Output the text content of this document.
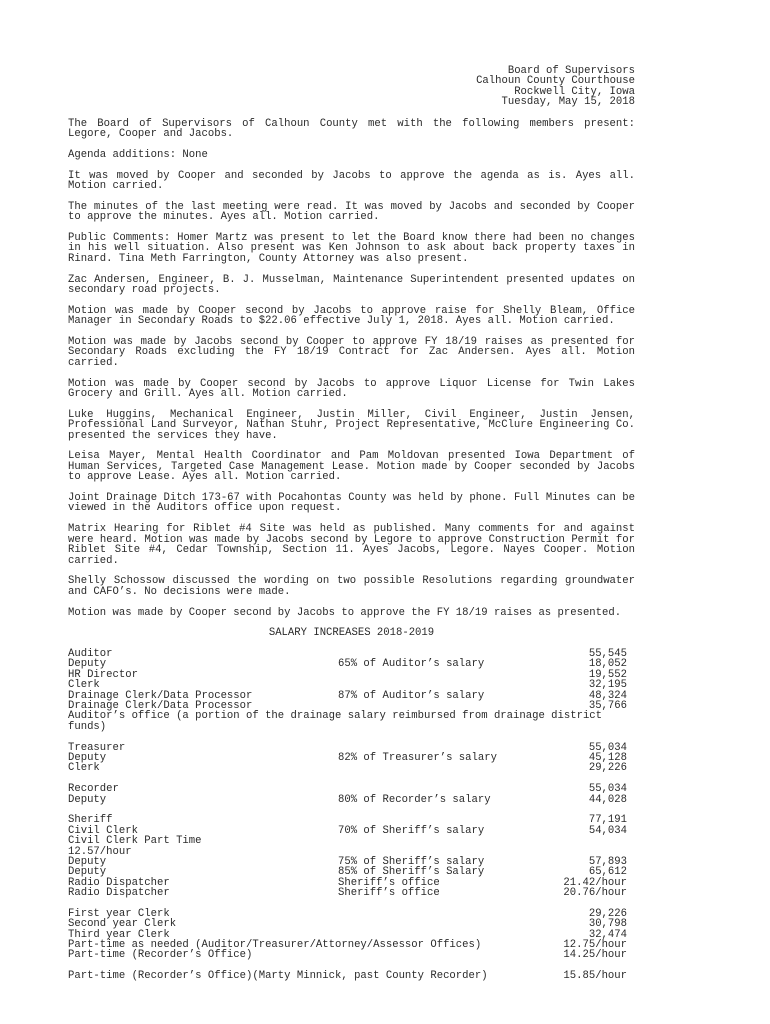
Board of Supervisors
Calhoun County Courthouse
Rockwell City, Iowa
Tuesday, May 15, 2018

The Board of Supervisors of Calhoun County met with the following members present: Legore, Cooper and Jacobs.

Agenda additions: None

It was moved by Cooper and seconded by Jacobs to approve the agenda as is. Ayes all. Motion carried.

The minutes of the last meeting were read. It was moved by Jacobs and seconded by Cooper to approve the minutes. Ayes all. Motion carried.

Public Comments: Homer Martz was present to let the Board know there had been no changes in his well situation. Also present was Ken Johnson to ask about back property taxes in Rinard. Tina Meth Farrington, County Attorney was also present.

Zac Andersen, Engineer, B. J. Musselman, Maintenance Superintendent presented updates on secondary road projects.

Motion was made by Cooper second by Jacobs to approve raise for Shelly Bleam, Office Manager in Secondary Roads to $22.06 effective July 1, 2018. Ayes all. Motion carried.

Motion was made by Jacobs second by Cooper to approve FY 18/19 raises as presented for Secondary Roads excluding the FY 18/19 Contract for Zac Andersen. Ayes all. Motion carried.

Motion was made by Cooper second by Jacobs to approve Liquor License for Twin Lakes Grocery and Grill. Ayes all. Motion carried.

Luke Huggins, Mechanical Engineer, Justin Miller, Civil Engineer, Justin Jensen, Professional Land Surveyor, Nathan Stuhr, Project Representative, McClure Engineering Co. presented the services they have.

Leisa Mayer, Mental Health Coordinator and Pam Moldovan presented Iowa Department of Human Services, Targeted Case Management Lease. Motion made by Cooper seconded by Jacobs to approve Lease. Ayes all. Motion carried.

Joint Drainage Ditch 173-67 with Pocahontas County was held by phone. Full Minutes can be viewed in the Auditors office upon request.

Matrix Hearing for Riblet #4 Site was held as published. Many comments for and against were heard. Motion was made by Jacobs second by Legore to approve Construction Permit for Riblet Site #4, Cedar Township, Section 11. Ayes Jacobs, Legore. Nayes Cooper. Motion carried.

Shelly Schossow discussed the wording on two possible Resolutions regarding groundwater and CAFO’s. No decisions were made.

Motion was made by Cooper second by Jacobs to approve the FY 18/19 raises as presented.

SALARY INCREASES 2018-2019
Auditor	55,545
Deputy	65% of Auditor’s salary	18,052
HR Director	19,552
Clerk	32,195
Drainage Clerk/Data Processor	87% of Auditor’s salary	48,324
Drainage Clerk/Data Processor	35,766
Auditor’s office (a portion of the drainage salary reimbursed from drainage district funds)
Treasurer	55,034
Deputy	82% of Treasurer’s salary	45,128
Clerk	29,226
Recorder	55,034
Deputy	80% of Recorder’s salary	44,028
Sheriff	77,191
Civil Clerk	70% of Sheriff’s salary	54,034
Civil Clerk Part Time
12.57/hour
Deputy	75% of Sheriff’s salary	57,893
Deputy	85% of Sheriff’s Salary	65,612
Radio Dispatcher	Sheriff’s office	21.42/hour
Radio Dispatcher	Sheriff’s office	20.76/hour
First year Clerk	29,226
Second year Clerk	30,798
Third year Clerk	32,474
Part-time as needed (Auditor/Treasurer/Attorney/Assessor Offices)	12.75/hour
Part-time (Recorder’s Office)	14.25/hour
Part-time (Recorder’s Office)(Marty Minnick, past County Recorder)	15.85/hour
